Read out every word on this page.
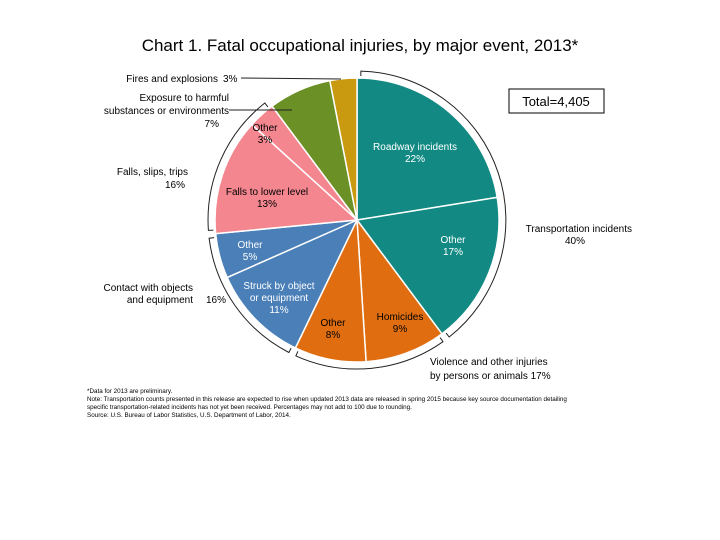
Chart 1. Fatal occupational injuries, by major event, 2013*
Roadway incidents 22%
Other 17%
Homicides 9%
Other 8%
Struck by object or equipment 11%
Other 5%
Falls to lower level 13%
Other 3%
Transportation incidents 40%
Violence and other injuries by persons or animals 17%
Contact with objects and equipment 16%
Falls, slips, trips 16%
Exposure to harmful substances or environments 7%
Fires and explosions 3%
Total=4,405
*Data for 2013 are preliminary.
Note: Transportation counts presented in this release are expected to rise when updated 2013 data are released in spring 2015 because key source documentation detailing
specific transportation-related incidents has not yet been received. Percentages may not add to 100 due to rounding.
Source: U.S. Bureau of Labor Statistics, U.S. Department of Labor, 2014.
